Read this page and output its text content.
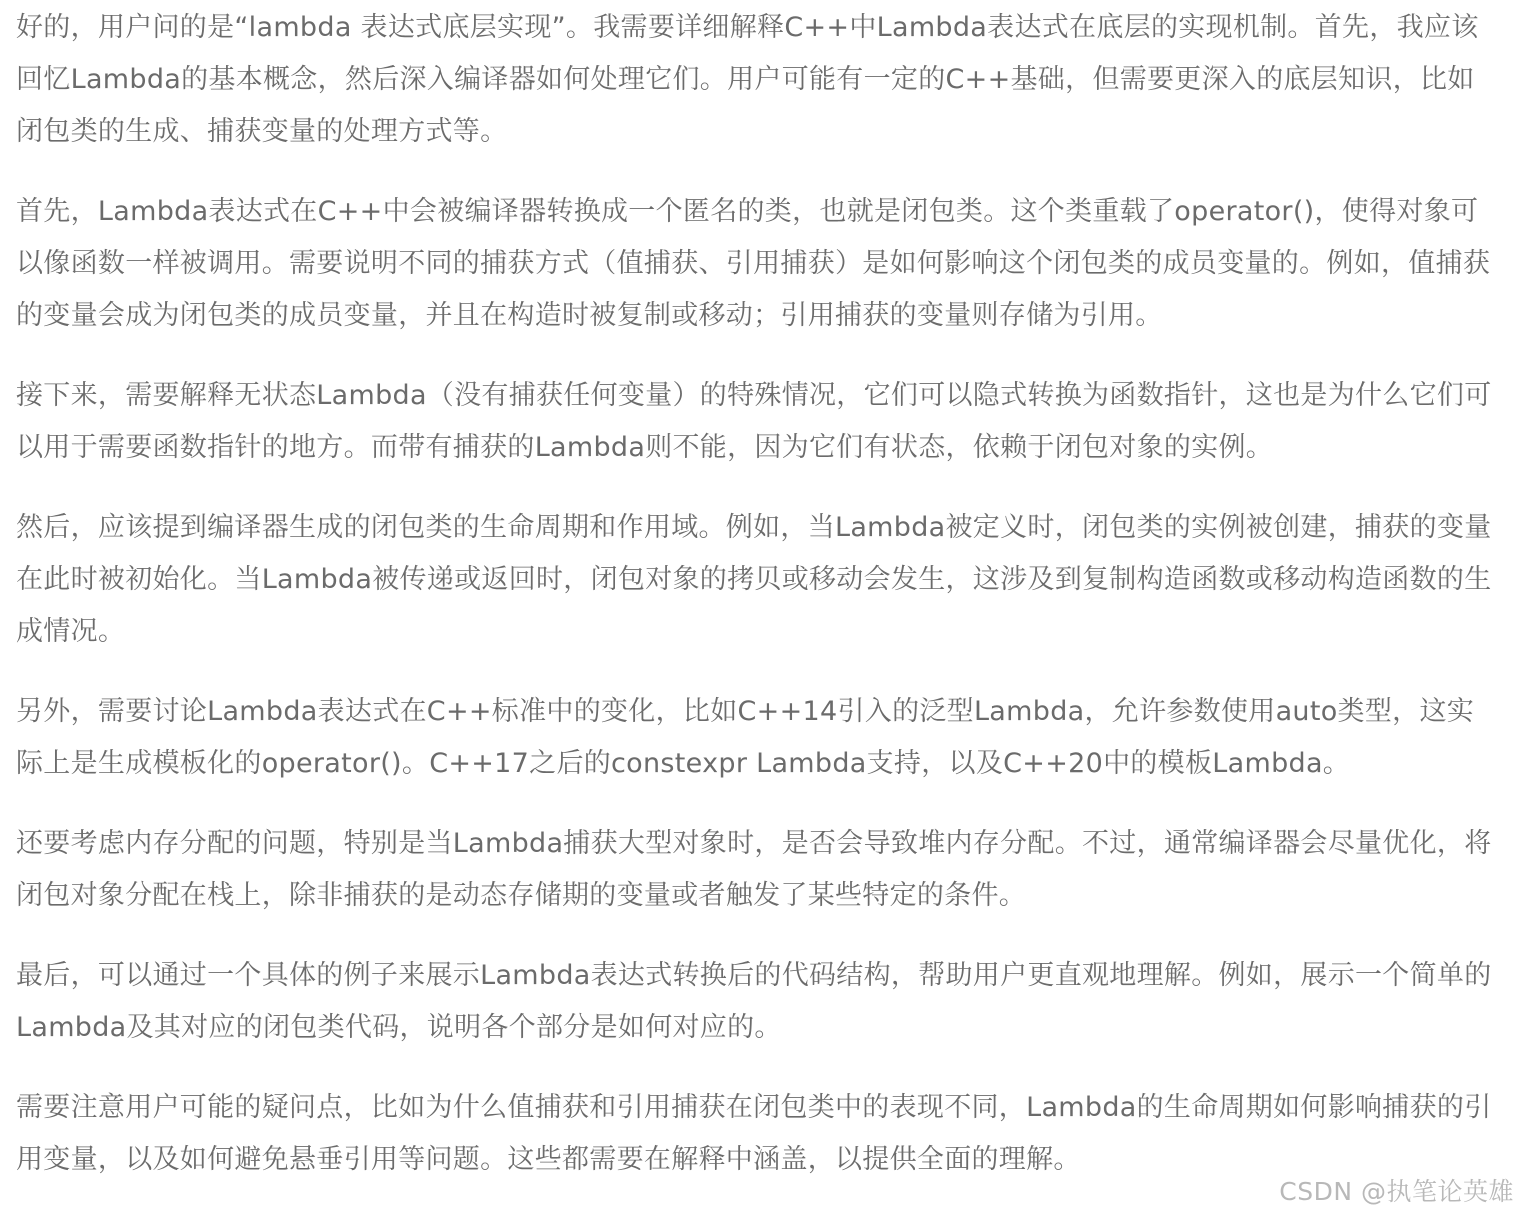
好的，用户问的是“lambda 表达式底层实现”。我需要详细解释C++中Lambda表达式在底层的实现机制。首先，我应该回忆Lambda的基本概念，然后深入编译器如何处理它们。用户可能有一定的C++基础，但需要更深入的底层知识，比如闭包类的生成、捕获变量的处理方式等。

首先，Lambda表达式在C++中会被编译器转换成一个匿名的类，也就是闭包类。这个类重载了operator()，使得对象可以像函数一样被调用。需要说明不同的捕获方式（值捕获、引用捕获）是如何影响这个闭包类的成员变量的。例如，值捕获的变量会成为闭包类的成员变量，并且在构造时被复制或移动；引用捕获的变量则存储为引用。

接下来，需要解释无状态Lambda（没有捕获任何变量）的特殊情况，它们可以隐式转换为函数指针，这也是为什么它们可以用于需要函数指针的地方。而带有捕获的Lambda则不能，因为它们有状态，依赖于闭包对象的实例。

然后，应该提到编译器生成的闭包类的生命周期和作用域。例如，当Lambda被定义时，闭包类的实例被创建，捕获的变量在此时被初始化。当Lambda被传递或返回时，闭包对象的拷贝或移动会发生，这涉及到复制构造函数或移动构造函数的生成情况。

另外，需要讨论Lambda表达式在C++标准中的变化，比如C++14引入的泛型Lambda，允许参数使用auto类型，这实际上是生成模板化的operator()。C++17之后的constexpr Lambda支持，以及C++20中的模板Lambda。

还要考虑内存分配的问题，特别是当Lambda捕获大型对象时，是否会导致堆内存分配。不过，通常编译器会尽量优化，将闭包对象分配在栈上，除非捕获的是动态存储期的变量或者触发了某些特定的条件。

最后，可以通过一个具体的例子来展示Lambda表达式转换后的代码结构，帮助用户更直观地理解。例如，展示一个简单的Lambda及其对应的闭包类代码，说明各个部分是如何对应的。

需要注意用户可能的疑问点，比如为什么值捕获和引用捕获在闭包类中的表现不同，Lambda的生命周期如何影响捕获的引用变量，以及如何避免悬垂引用等问题。这些都需要在解释中涵盖，以提供全面的理解。

CSDN @执笔论英雄
